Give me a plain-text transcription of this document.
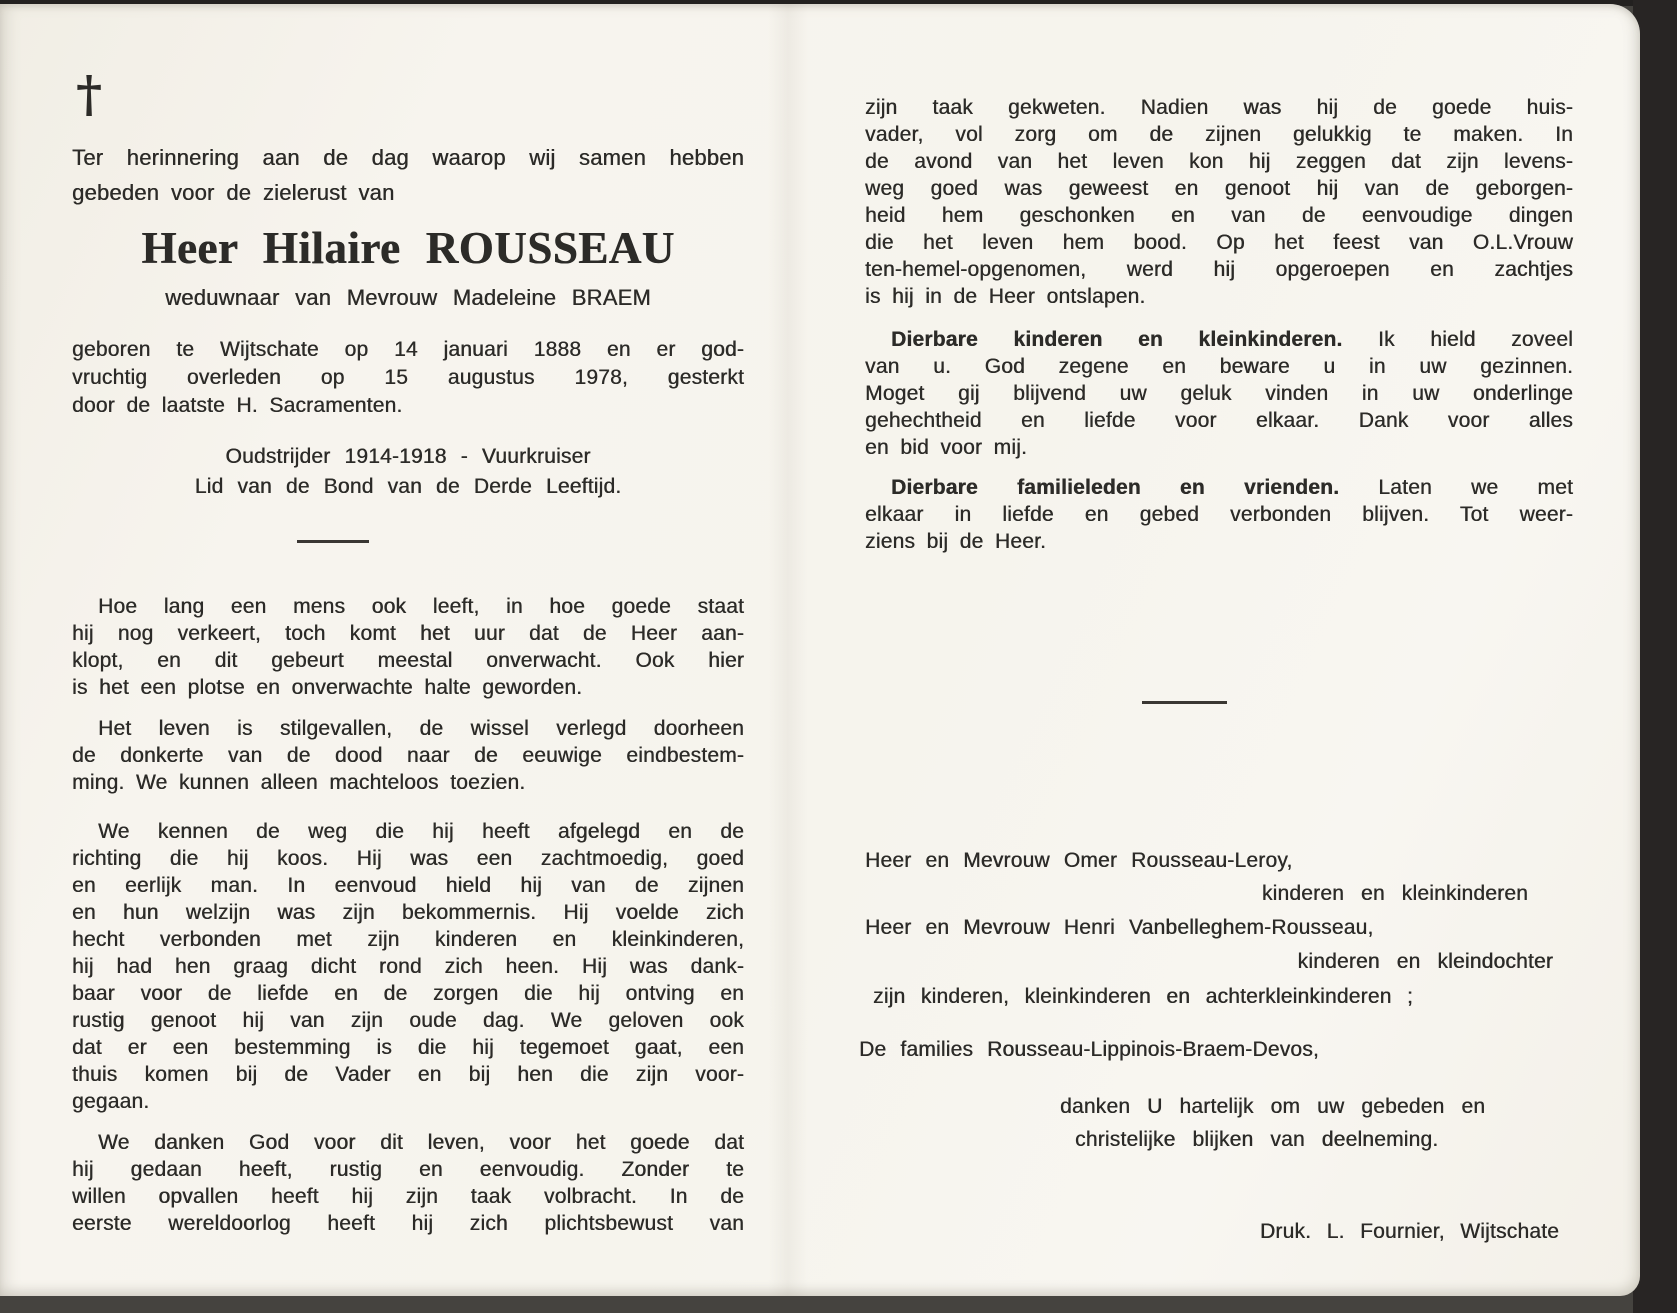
†
Ter herinnering aan de dag waarop wij samen hebben
gebeden voor de zielerust van
Heer Hilaire ROUSSEAU
weduwnaar van Mevrouw Madeleine BRAEM
geboren te Wijtschate op 14 januari 1888 en er god-
vruchtig overleden op 15 augustus 1978, gesterkt
door de laatste H. Sacramenten.
Oudstrijder 1914-1918 - Vuurkruiser
Lid van de Bond van de Derde Leeftijd.
Hoe lang een mens ook leeft, in hoe goede staat
hij nog verkeert, toch komt het uur dat de Heer aan-
klopt, en dit gebeurt meestal onverwacht. Ook hier
is het een plotse en onverwachte halte geworden.
Het leven is stilgevallen, de wissel verlegd doorheen
de donkerte van de dood naar de eeuwige eindbestem-
ming. We kunnen alleen machteloos toezien.
We kennen de weg die hij heeft afgelegd en de
richting die hij koos. Hij was een zachtmoedig, goed
en eerlijk man. In eenvoud hield hij van de zijnen
en hun welzijn was zijn bekommernis. Hij voelde zich
hecht verbonden met zijn kinderen en kleinkinderen,
hij had hen graag dicht rond zich heen. Hij was dank-
baar voor de liefde en de zorgen die hij ontving en
rustig genoot hij van zijn oude dag. We geloven ook
dat er een bestemming is die hij tegemoet gaat, een
thuis komen bij de Vader en bij hen die zijn voor-
gegaan.
We danken God voor dit leven, voor het goede dat
hij gedaan heeft, rustig en eenvoudig. Zonder te
willen opvallen heeft hij zijn taak volbracht. In de
eerste wereldoorlog heeft hij zich plichtsbewust van
zijn taak gekweten. Nadien was hij de goede huis-
vader, vol zorg om de zijnen gelukkig te maken. In
de avond van het leven kon hij zeggen dat zijn levens-
weg goed was geweest en genoot hij van de geborgen-
heid hem geschonken en van de eenvoudige dingen
die het leven hem bood. Op het feest van O.L.Vrouw
ten-hemel-opgenomen, werd hij opgeroepen en zachtjes
is hij in de Heer ontslapen.
Dierbare kinderen en kleinkinderen. Ik hield zoveel
van u. God zegene en beware u in uw gezinnen.
Moget gij blijvend uw geluk vinden in uw onderlinge
gehechtheid en liefde voor elkaar. Dank voor alles
en bid voor mij.
Dierbare familieleden en vrienden. Laten we met
elkaar in liefde en gebed verbonden blijven. Tot weer-
ziens bij de Heer.
Heer en Mevrouw Omer Rousseau-Leroy,
kinderen en kleinkinderen
Heer en Mevrouw Henri Vanbelleghem-Rousseau,
kinderen en kleindochter
zijn kinderen, kleinkinderen en achterkleinkinderen ;
De families Rousseau-Lippinois-Braem-Devos,
danken U hartelijk om uw gebeden en
christelijke blijken van deelneming.
Druk. L. Fournier, Wijtschate
